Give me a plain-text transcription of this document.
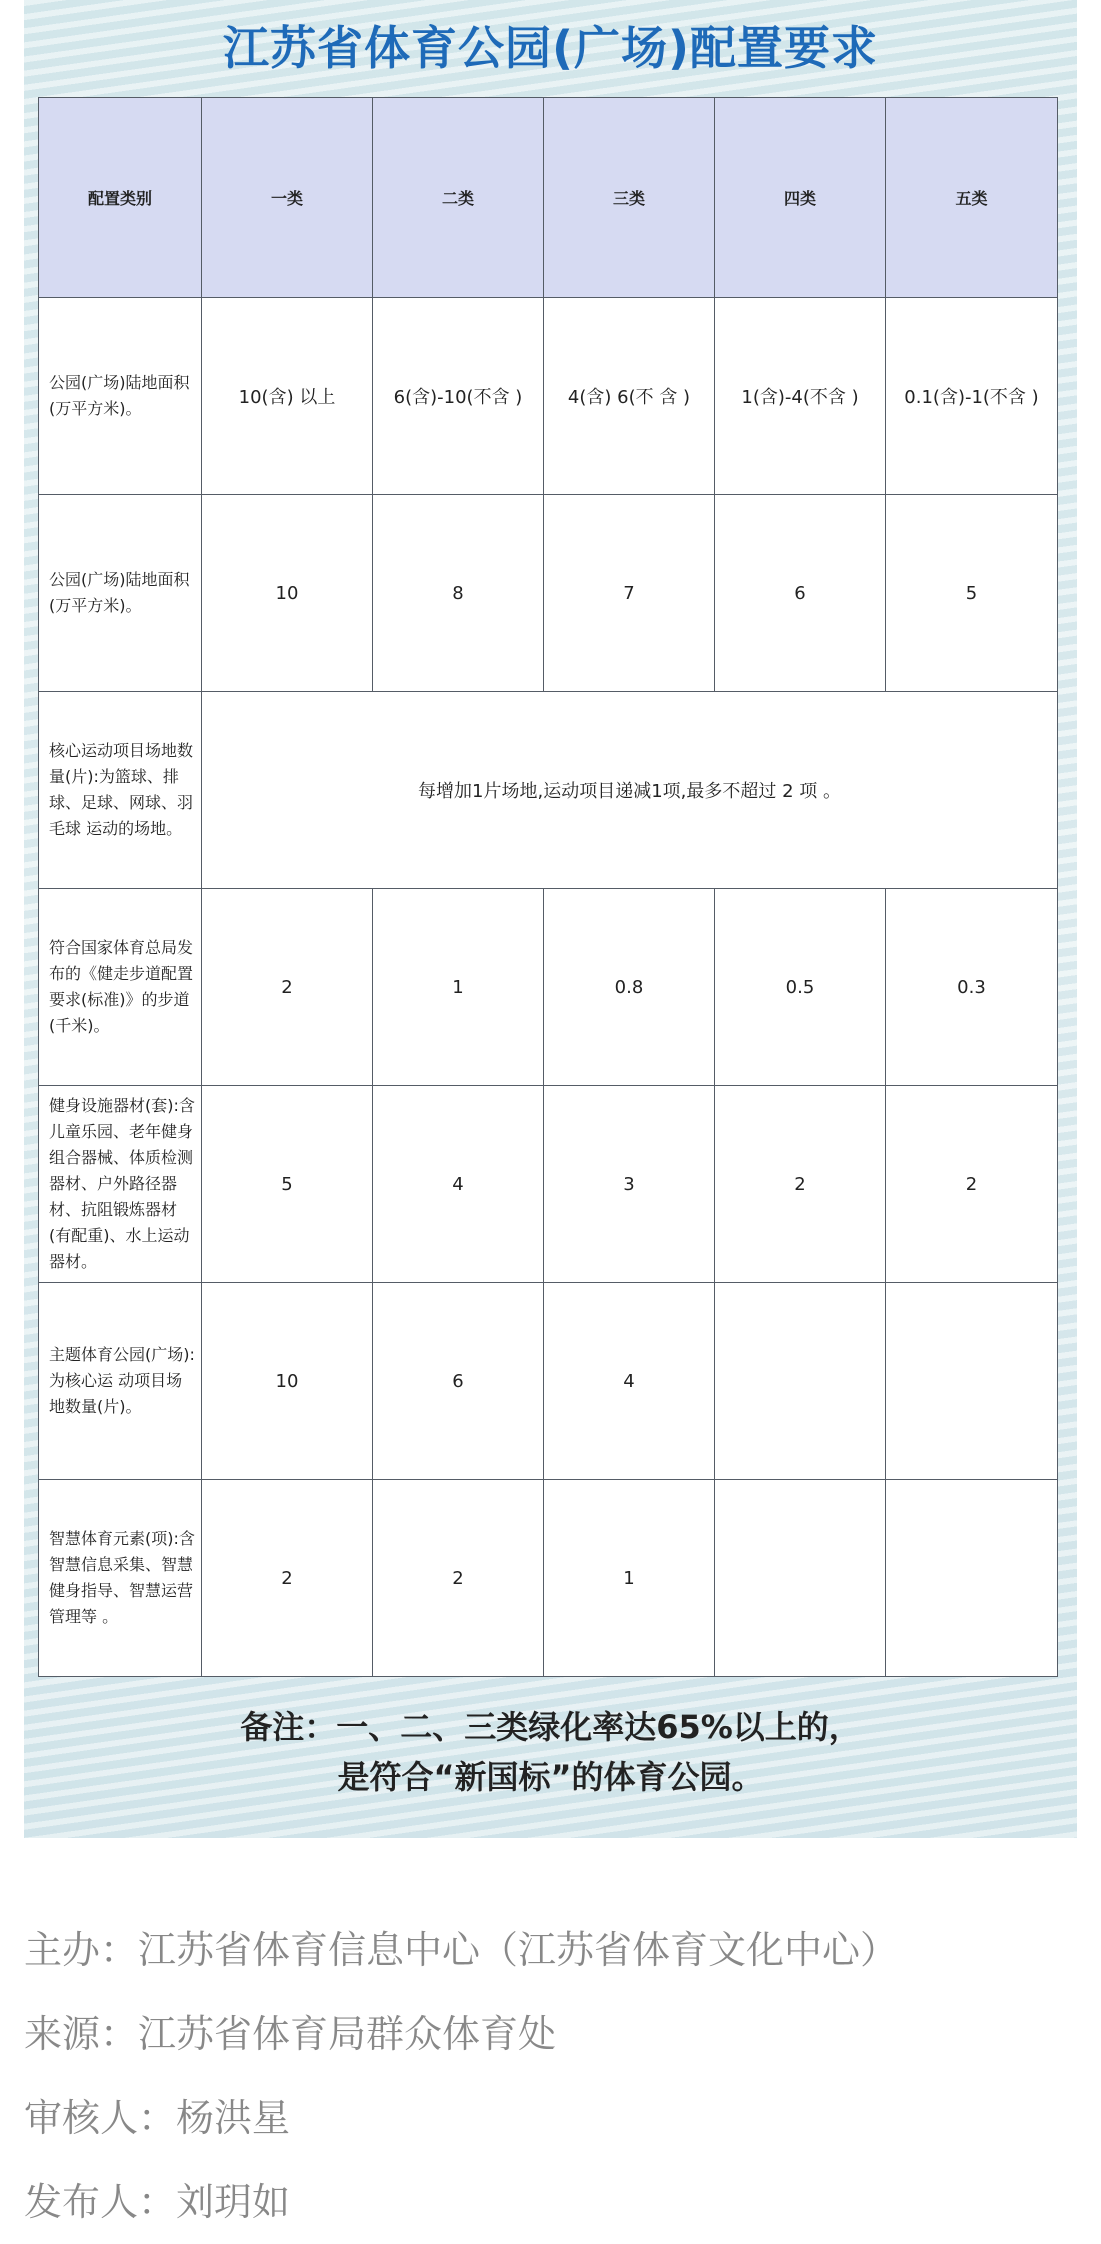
江苏省体育公园(广场)配置要求
配置类别	一类	二类	三类	四类	五类
公园(广场)陆地面积(万平方米)。	10(含) 以上	6(含)-10(不含 )	4(含) 6(不 含 )	1(含)-4(不含 )	0.1(含)-1(不含 )
公园(广场)陆地面积(万平方米)。	10	8	7	6	5
核心运动项目场地数量(片):为篮球、排球、足球、网球、羽毛球 运动的场地。	每增加1片场地,运动项目递减1项,最多不超过 2 项 。				
符合国家体育总局发布的《健走步道配置要求(标准)》的步道(千米)。	2	1	0.8	0.5	0.3
健身设施器材(套):含儿童乐园、老年健身组合器械、体质检测器材、户外路径器材、抗阻锻炼器材 (有配重)、水上运动器材。	5	4	3	2	2
主题体育公园(广场):为核心运 动项目场地数量(片)。	10	6	4		
智慧体育元素(项):含智慧信息采集、智慧健身指导、智慧运营管理等 。	2	2	1		
备注：一、二、三类绿化率达65%以上的，
是符合“新国标”的体育公园。
主办：江苏省体育信息中心（江苏省体育文化中心）
来源：江苏省体育局群众体育处
审核人：杨洪星
发布人：刘玥如
